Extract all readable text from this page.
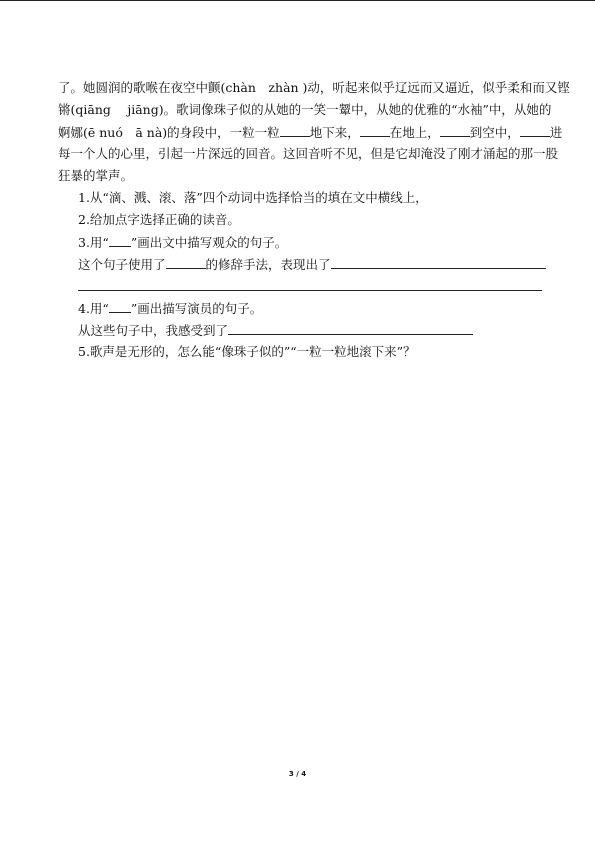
了。她圆润的歌喉在夜空中颤(chàn　zhàn )动，听起来似乎辽远而又逼近，似乎柔和而又铿
锵(qiāng　 jiāng)。歌词像珠子似的从她的一笑一颦中，从她的优雅的“水袖”中，从她的
婀娜(ē nuó　ā nà)的身段中，一粒一粒 地下来， 在地上， 到空中， 进
每一个人的心里，引起一片深远的回音。这回音听不见，但是它却淹没了刚才涌起的那一股
狂暴的掌声。
1.从“滴、溅、滚、落”四个动词中选择恰当的填在文中横线上，
2.给加点字选择正确的读音。
3.用“ ”画出文中描写观众的句子。
这个句子使用了	的修辞手法，表现出了
4.用“ ”画出描写演员的句子。
从这些句子中，我感受到了
5.歌声是无形的，怎么能“像珠子似的”“一粒一粒地滚下来”？
3 / 4
